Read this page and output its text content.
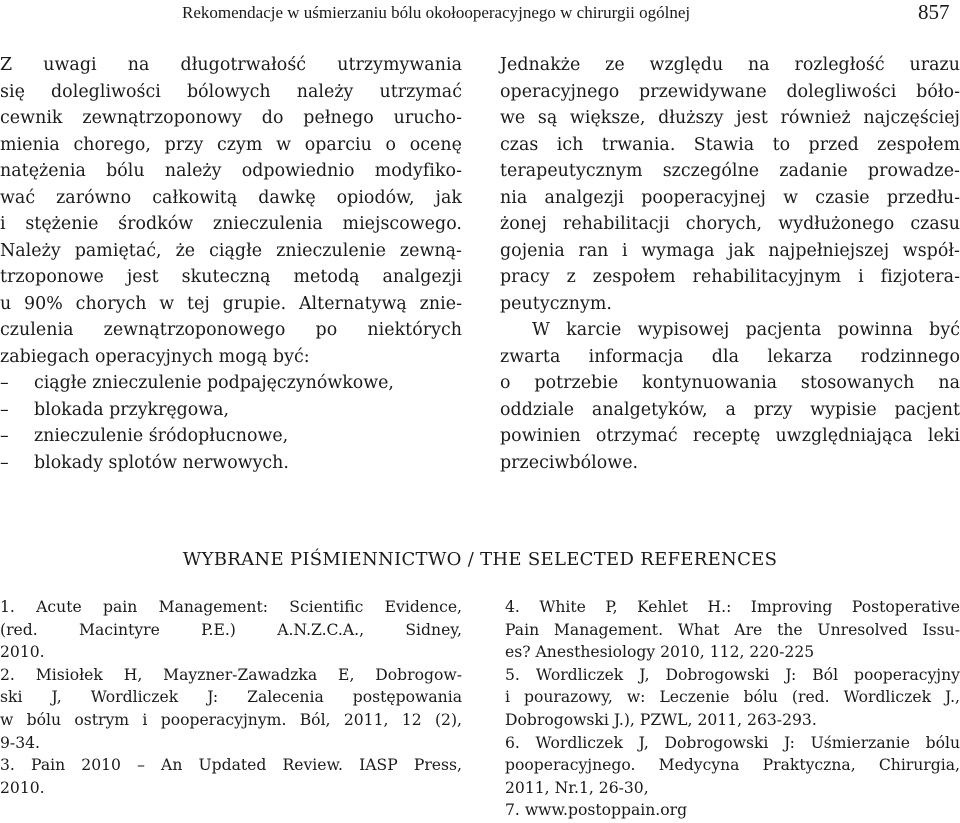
Rekomendacje w uśmierzaniu bólu okołooperacyjnego w chirurgii ogólnej	857
Z uwagi na długotrwałość utrzymywania
się dolegliwości bólowych należy utrzymać
cewnik zewnątrzoponowy do pełnego urucho-
mienia chorego, przy czym w oparciu o ocenę
natężenia bólu należy odpowiednio modyfiko-
wać zarówno całkowitą dawkę opiodów, jak
i stężenie środków znieczulenia miejscowego.
Należy pamiętać, że ciągłe znieczulenie zewną-
trzoponowe jest skuteczną metodą analgezji
u 90% chorych w tej grupie. Alternatywą znie-
czulenia zewnątrzoponowego po niektórych
zabiegach operacyjnych mogą być:
– ciągłe znieczulenie podpajęczynówkowe,
– blokada przykręgowa,
– znieczulenie śródopłucnowe,
– blokady splotów nerwowych.
Jednakże ze względu na rozległość urazu
operacyjnego przewidywane dolegliwości bóło-
we są większe, dłuższy jest również najczęściej
czas ich trwania. Stawia to przed zespołem
terapeutycznym szczególne zadanie prowadze-
nia analgezji pooperacyjnej w czasie przedłu-
żonej rehabilitacji chorych, wydłużonego czasu
gojenia ran i wymaga jak najpełniejszej współ-
pracy z zespołem rehabilitacyjnym i fizjotera-
peutycznym.
W karcie wypisowej pacjenta powinna być
zwarta informacja dla lekarza rodzinnego
o potrzebie kontynuowania stosowanych na
oddziale analgetyków, a przy wypisie pacjent
powinien otrzymać receptę uwzględniająca leki
przeciwbólowe.
WYBRANE PIŚMIENNICTWO / THE SELECTED REFERENCES
1. Acute pain Management: Scientific Evidence,
(red. Macintyre P.E.) A.N.Z.C.A., Sidney,
2010.
2. Misiołek H, Mayzner-Zawadzka E, Dobrogow-
ski J, Wordliczek J: Zalecenia postępowania
w bólu ostrym i pooperacyjnym. Ból, 2011, 12 (2),
9-34.
3. Pain 2010 – An Updated Review. IASP Press,
2010.
4. White P, Kehlet H.: Improving Postoperative
Pain Management. What Are the Unresolved Issu-
es? Anesthesiology 2010, 112, 220-225
5. Wordliczek J, Dobrogowski J: Ból pooperacyjny
i pourazowy, w: Leczenie bólu (red. Wordliczek J.,
Dobrogowski J.), PZWL, 2011, 263-293.
6. Wordliczek J, Dobrogowski J: Uśmierzanie bólu
pooperacyjnego. Medycyna Praktyczna, Chirurgia,
2011, Nr.1, 26-30,
7. www.postoppain.org
